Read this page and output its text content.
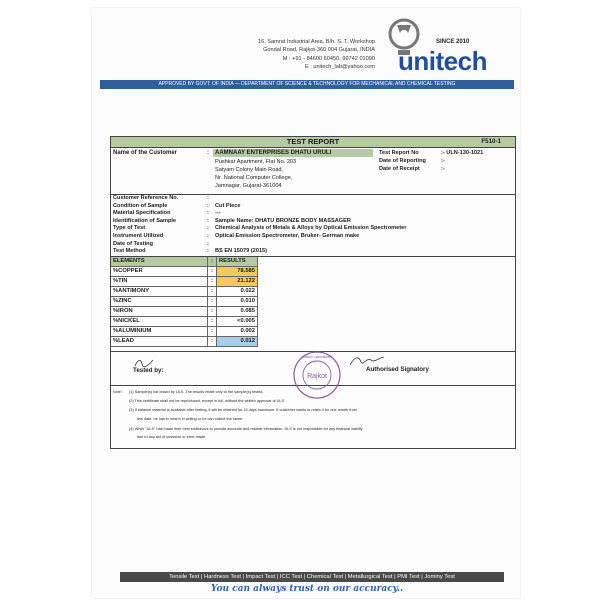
16, Samrat Industrial Area, B/h. S. T. Workshop
Gondal Road, Rajkot-360 004 Gujarat, INDIA
M : +91 - 84600 60450, 99742 01090
E : unitech_lab@yahoo.com
SINCE 2010
unitech
APPROVED BY GOVT. OF INDIA — DEPARTMENT OF SCIENCE & TECHNOLOGY FOR MECHANICAL AND CHEMICAL TESTING
TEST REPORT	F510-1
Name of the Customer	: AAMNAAY ENTERPRISES DHATU URULI
Pushkar Apartment, Flat No. 203
Satyam Colony Main Road,
Nr. National Computer College,
Jamnagar, Gujarat-361004
Test Report No	:- ULN-130-1021
Date of Reporting	:-
Date of Receipt	:-
Customer Reference No.	:
Condition of Sample	: Cut Piece
Material Specification	: ---
Identification of Sample	: Sample Name: DHATU BRONZE BODY MASSAGER
Type of Test	: Chemical Analysis of Metals & Alloys by Optical Emission Spectrometer
Instrument Utilized	: Optical Emission Spectrometer, Bruker- German make
Date of Testing	:
Test Method	: BS EN 15079 (2015)
ELEMENTS	:	RESULTS
%COPPER	:	78.585
%TIN	:	21.122
%ANTIMONY	:	0.022
%ZINC	:	0.010
%IRON	:	0.085
%NICKEL	:	<0.005
%ALUMINIUM	:	0.002
%LEAD	:	0.012
Tested by:
Rajkot
Unitech Laboratories
Authorised Signatory
Note : (1) Sample(s) not drawn by ULS. The results relate only to the sample(s) tested.
(2) This certificate shall not be reproduced, except in full, without the written approval of ULS.
(3) If balance material is available after testing, it will be retained for 15 days maximum. If customer wants to retain it for one month from
this date, he has to inform in writing or he can collect the same.
(4) While "ULS" has made their best endeavors to provide accurate and reliable information, ULS is not responsible for any financial liability
due to any act of omission or error made.
Tensile Test | Hardness Test | Impact Test | ICC Test | Chemical Test | Metallurgical Test | PMI Test | Jominy Test
You can always trust on our accuracy..
